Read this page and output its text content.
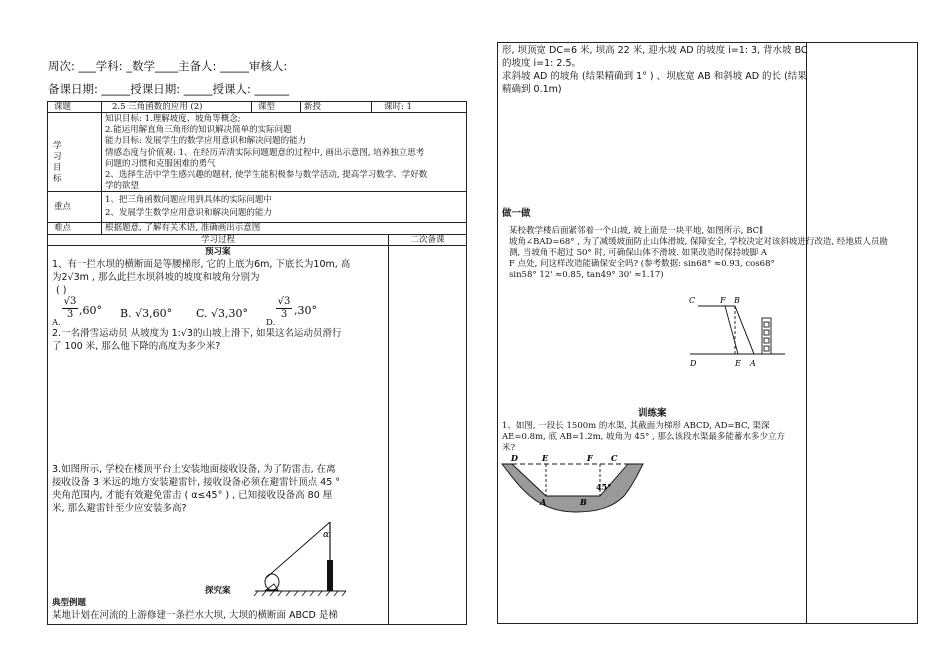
周次: ___学科: _数学____主备人: _____审核人:
备课日期: _____授课日期: _____授课人: ______
课题	2.5 三角函数的应用 (2)	课型	新授	课时: 1
学习目标
知识目标: 1.理解坡度、坡角等概念;
2.能运用解直角三角形的知识解决简单的实际问题
能力目标: 发展学生的数学应用意识和解决问题的能力
情感态度与价值观: 1、在经历弄清实际问题题意的过程中, 画出示意图, 培养独立思考
问题的习惯和克服困难的勇气
2、选择生活中学生感兴趣的题材, 使学生能积极参与数学活动, 提高学习数学、学好数
学的欲望
重点
1、把三角函数问题应用到具体的实际问题中
2、发展学生数学应用意识和解决问题的能力
难点	根据题意, 了解有关术语, 准确画出示意图
学习过程	二次备课
预习案
1、有一拦水坝的横断面是等腰梯形, 它的上底为6m, 下底长为10m, 高
为2√3m , 那么此拦水坝斜坡的坡度和坡角分别为
( )
A.
$\frac{√3}{3} ,60^\circ$ B. √3,60° C. √3,30°
D.
$\frac{√3}{3} ,30^\circ$
2.一名滑雪运动员 从坡度为 1:√3的山坡上滑下, 如果这名运动员滑行
了 100 米, 那么他下降的高度为多少米?
3.如图所示, 学校在楼顶平台上安装地面接收设备, 为了防雷击, 在离
接收设备 3 米远的地方安装避雷针, 接收设备必须在避雷针顶点 45 °
夹角范围内, 才能有效避免雷击 ( α≤45° ) , 已知接收设备高 80 厘
米, 那么避雷针至少应安装多高?
α
探究案
典型例题
某地计划在河流的上游修建一条拦水大坝, 大坝的横断面 ABCD 是梯
形, 坝顶宽 DC=6 米, 坝高 22 米, 迎水坡 AD 的坡度 i=1: 3, 背水坡 BC
的坡度 i=1: 2.5。
求斜坡 AD 的坡角 (结果精确到 1° ) 、坝底宽 AB 和斜坡 AD 的长 (结果
精确到 0.1m)
做一做
某校教学楼后面紧邻着一个山坡, 坡上面是一块平地, 如图所示, BC∥
坡角∠BAD=68° , 为了减缓坡面防止山体滑坡, 保障安全, 学校决定对该斜坡进行改造, 经地质人员勘
测, 当坡角不超过 50° 时, 可确保山体不滑坡. 如果改造时保持坡脚 A
F 点处, 问这样改造能确保安全吗? (参考数据: sin68° ≈0.93, cos68°
sin58° 12' ≈0.85, tan49° 30' ≈1.17)
C	F B
D	E A
训练案
1、如图, 一段长 1500m 的水渠, 其截面为梯形 ABCD, AD=BC, 渠深
AE=0.8m, 底 AB=1.2m, 坡角为 45° , 那么该段水渠最多能蓄水多少立方
米?
D	E	F C
A	B
45°
